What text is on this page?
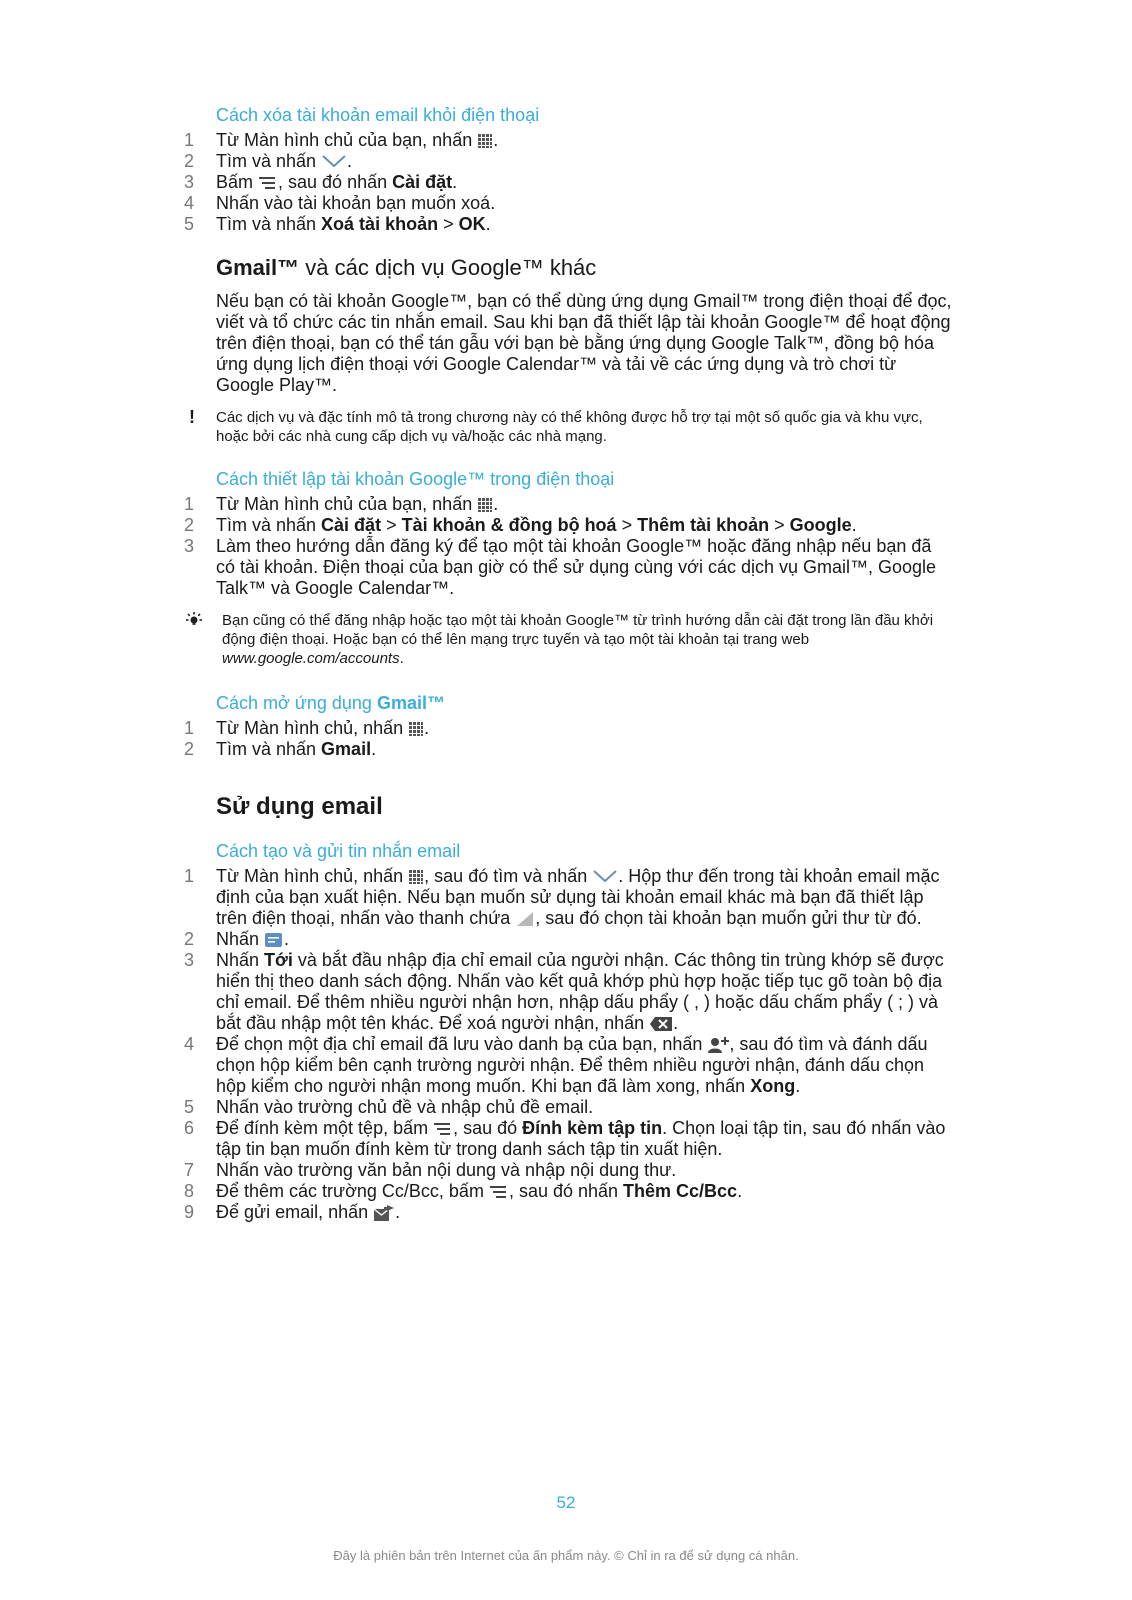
Cách xóa tài khoản email khỏi điện thoại
1 Từ Màn hình chủ của bạn, nhấn .
2 Tìm và nhấn .
3 Bấm , sau đó nhấn Cài đặt.
4 Nhấn vào tài khoản bạn muốn xoá.
5 Tìm và nhấn Xoá tài khoản > OK.
Gmail™ và các dịch vụ Google™ khác
Nếu bạn có tài khoản Google™, bạn có thể dùng ứng dụng Gmail™ trong điện thoại để đọc, viết và tổ chức các tin nhắn email. Sau khi bạn đã thiết lập tài khoản Google™ để hoạt động trên điện thoại, bạn có thể tán gẫu với bạn bè bằng ứng dụng Google Talk™, đồng bộ hóa ứng dụng lịch điện thoại với Google Calendar™ và tải về các ứng dụng và trò chơi từ Google Play™.
!	Các dịch vụ và đặc tính mô tả trong chương này có thể không được hỗ trợ tại một số quốc gia và khu vực, hoặc bởi các nhà cung cấp dịch vụ và/hoặc các nhà mạng.
Cách thiết lập tài khoản Google™ trong điện thoại
1 Từ Màn hình chủ của bạn, nhấn .
2 Tìm và nhấn Cài đặt > Tài khoản & đồng bộ hoá > Thêm tài khoản > Google.
3 Làm theo hướng dẫn đăng ký để tạo một tài khoản Google™ hoặc đăng nhập nếu bạn đã có tài khoản. Điện thoại của bạn giờ có thể sử dụng cùng với các dịch vụ Gmail™, Google Talk™ và Google Calendar™.
Bạn cũng có thể đăng nhập hoặc tạo một tài khoản Google™ từ trình hướng dẫn cài đặt trong lần đầu khởi động điện thoại. Hoặc bạn có thể lên mạng trực tuyến và tạo một tài khoản tại trang web www.google.com/accounts.
Cách mở ứng dụng Gmail™
1 Từ Màn hình chủ, nhấn .
2 Tìm và nhấn Gmail.
Sử dụng email
Cách tạo và gửi tin nhắn email
1 Từ Màn hình chủ, nhấn , sau đó tìm và nhấn . Hộp thư đến trong tài khoản email mặc định của bạn xuất hiện. Nếu bạn muốn sử dụng tài khoản email khác mà bạn đã thiết lập trên điện thoại, nhấn vào thanh chứa , sau đó chọn tài khoản bạn muốn gửi thư từ đó.
2 Nhấn .
3 Nhấn Tới và bắt đầu nhập địa chỉ email của người nhận. Các thông tin trùng khớp sẽ được hiển thị theo danh sách động. Nhấn vào kết quả khớp phù hợp hoặc tiếp tục gõ toàn bộ địa chỉ email. Để thêm nhiều người nhận hơn, nhập dấu phẩy ( , ) hoặc dấu chấm phẩy ( ; ) và bắt đầu nhập một tên khác. Để xoá người nhận, nhấn .
4 Để chọn một địa chỉ email đã lưu vào danh bạ của bạn, nhấn , sau đó tìm và đánh dấu chọn hộp kiểm bên cạnh trường người nhận. Để thêm nhiều người nhận, đánh dấu chọn hộp kiểm cho người nhận mong muốn. Khi bạn đã làm xong, nhấn Xong.
5 Nhấn vào trường chủ đề và nhập chủ đề email.
6 Để đính kèm một tệp, bấm , sau đó Đính kèm tập tin. Chọn loại tập tin, sau đó nhấn vào tập tin bạn muốn đính kèm từ trong danh sách tập tin xuất hiện.
7 Nhấn vào trường văn bản nội dung và nhập nội dung thư.
8 Để thêm các trường Cc/Bcc, bấm , sau đó nhấn Thêm Cc/Bcc.
9 Để gửi email, nhấn .
52
Đây là phiên bản trên Internet của ấn phẩm này. © Chỉ in ra để sử dụng cá nhân.
